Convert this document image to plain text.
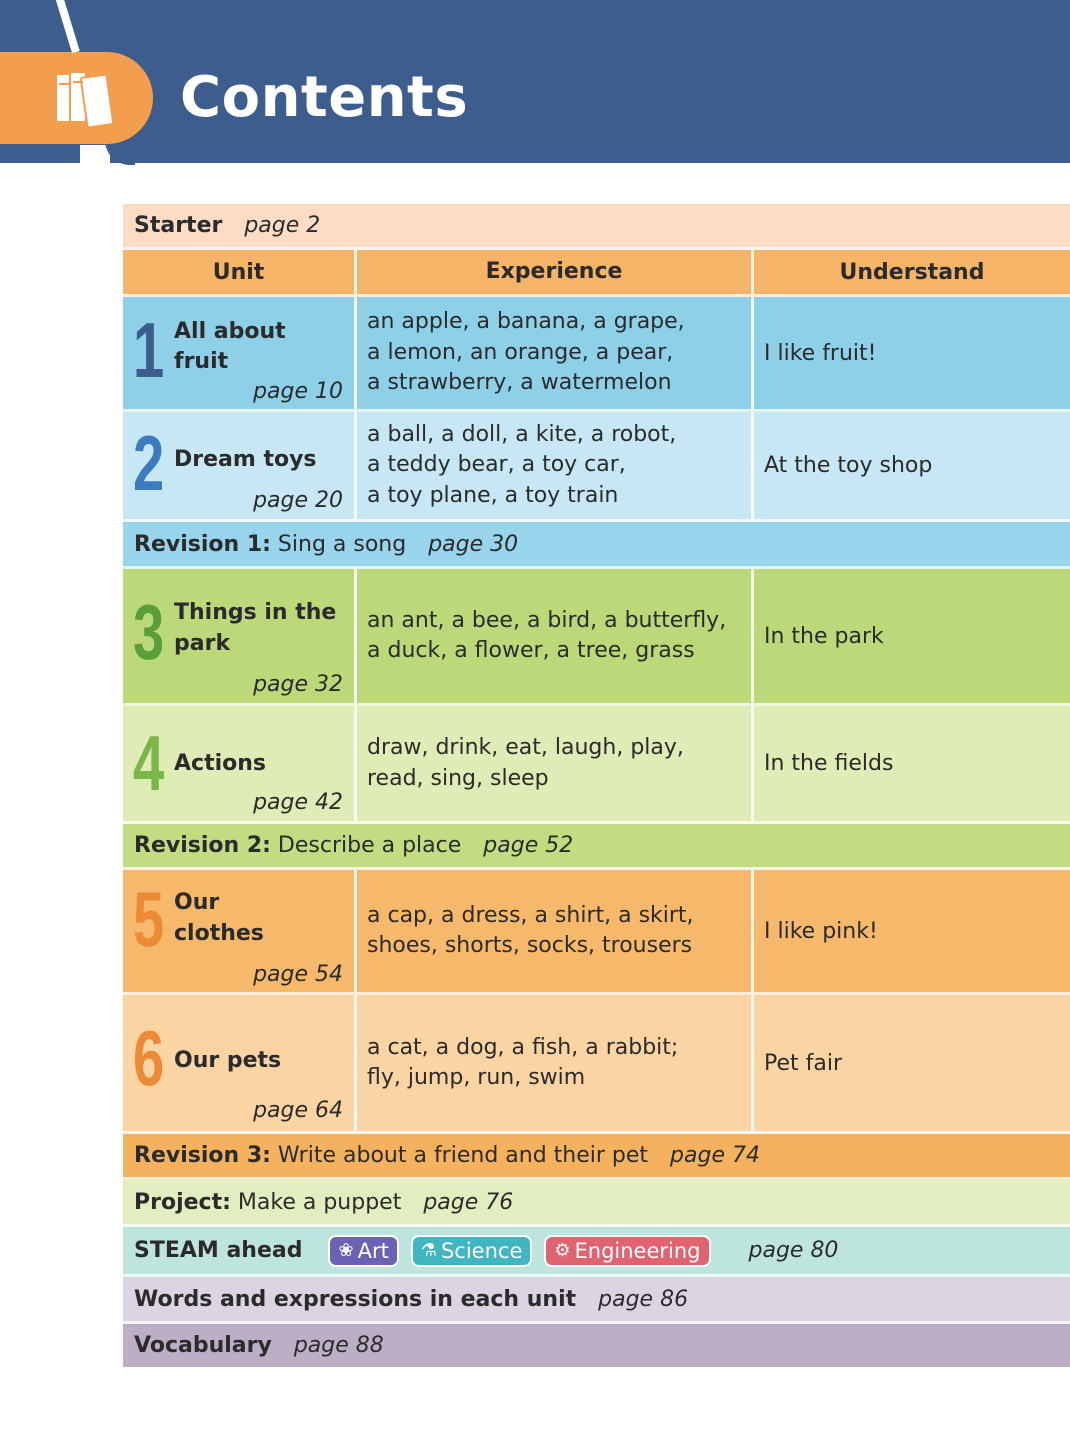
Contents
Starter page 2
Unit	Experience	Understand
1 All about
fruit
page 10
an apple, a banana, a grape,
a lemon, an orange, a pear,
a strawberry, a watermelon
I like fruit!
2 Dream toys
page 20
a ball, a doll, a kite, a robot,
a teddy bear, a toy car,
a toy plane, a toy train
At the toy shop
Revision 1:
Sing a song page 30
3 Things in the
park
page 32
an ant, a bee, a bird, a butterfly,
a duck, a flower, a tree, grass
In the park
4 Actions
page 42
draw, drink, eat, laugh, play,
read, sing, sleep
In the fields
Revision 2:
Describe a place page 52
5 Our
clothes
page 54
a cap, a dress, a shirt, a skirt,
shoes, shorts, socks, trousers
I like pink!
6 Our pets
page 64
a cat, a dog, a fish, a rabbit;
fly, jump, run, swim
Pet fair
Revision 3:
Write about a friend and their pet page 74
Project:
Make a puppet page 76
STEAM ahead ❀ Art ⚗ Science ⚙ Engineering page 80
Words and expressions in each unit page 86
Vocabulary page 88
